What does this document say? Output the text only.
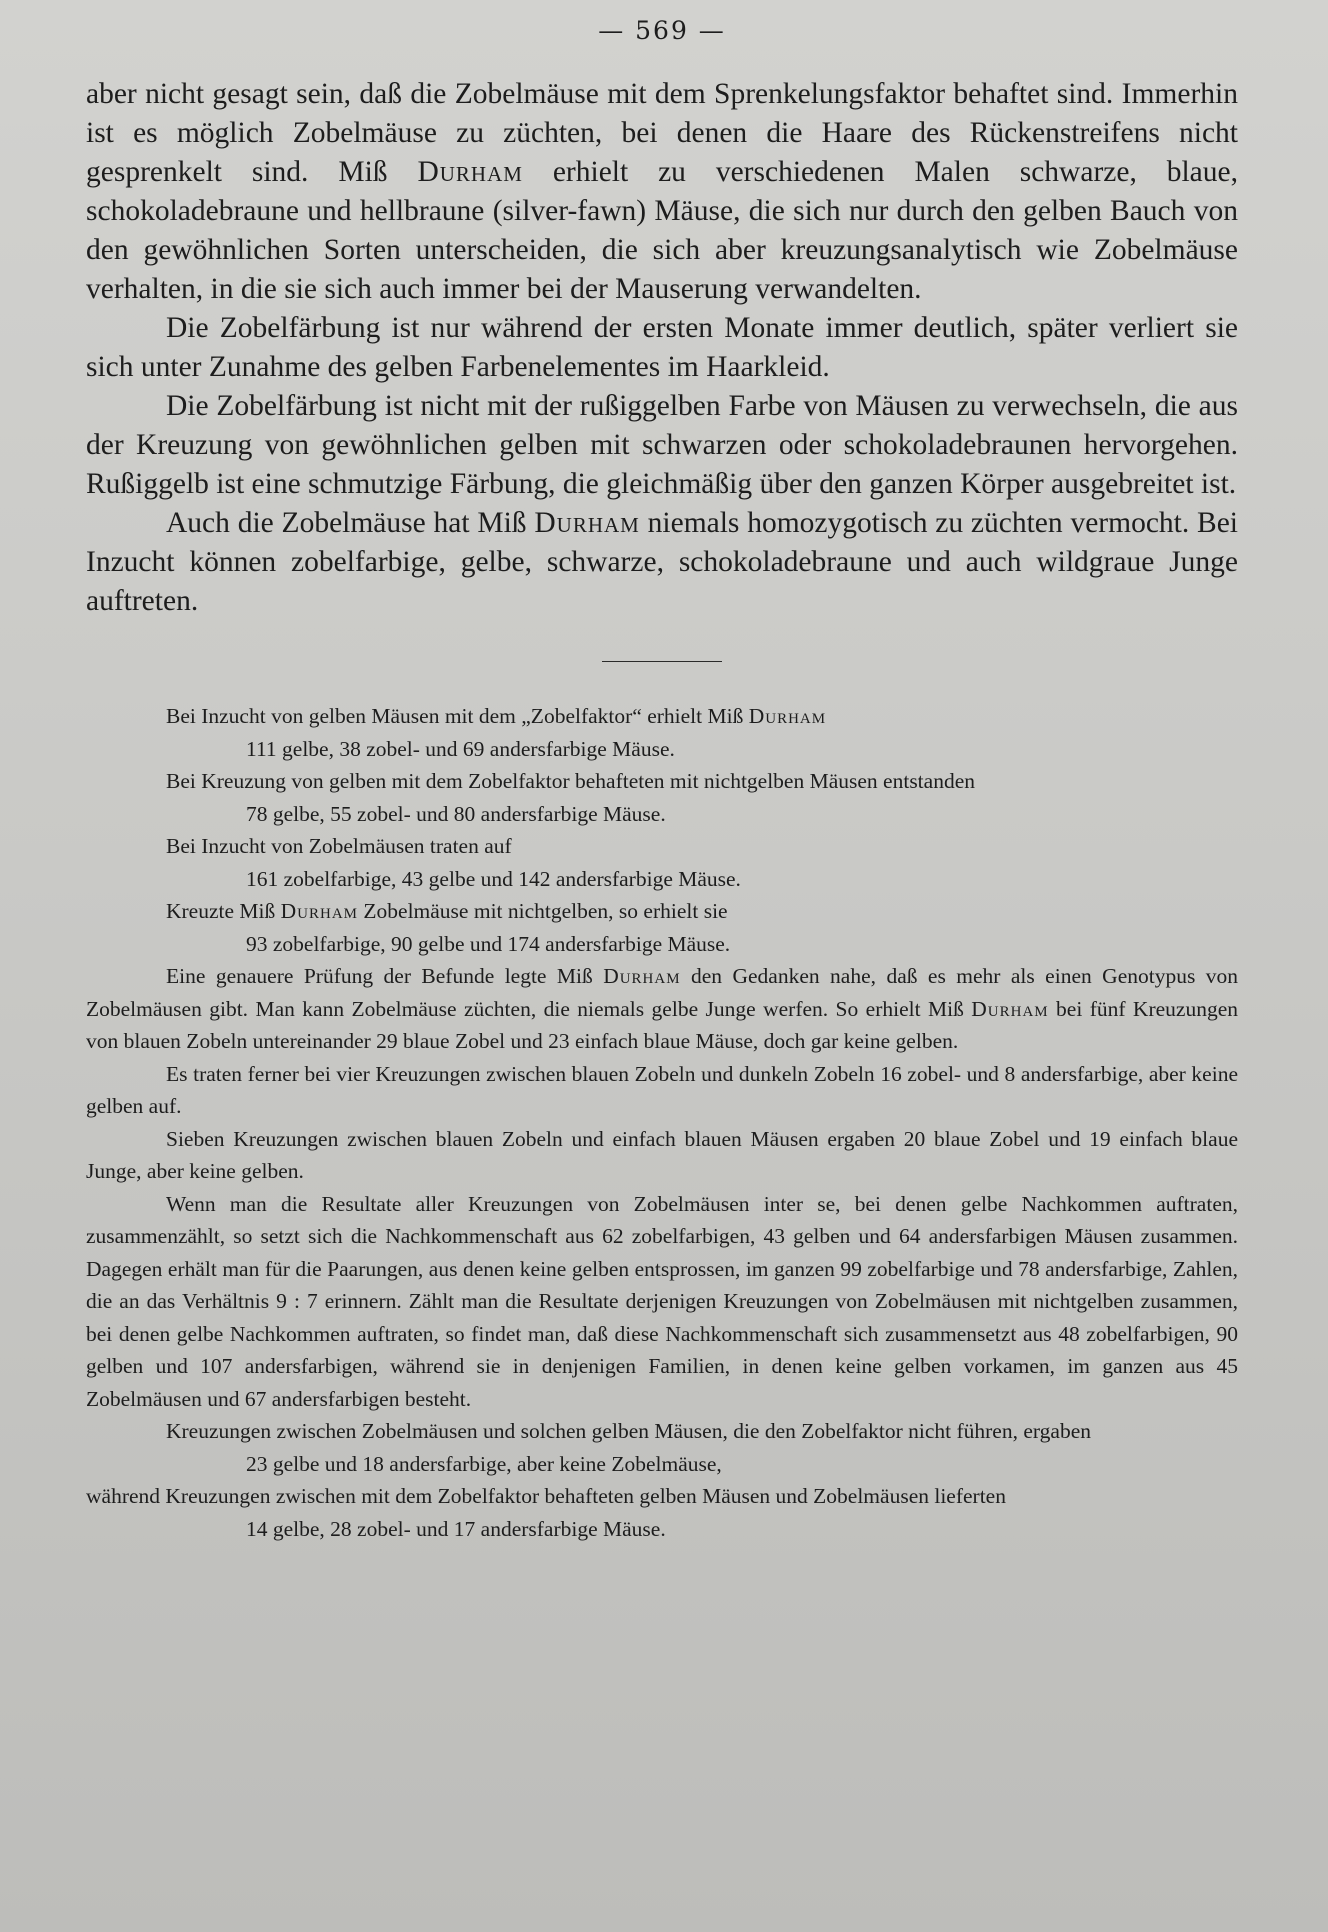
— 569 —

aber nicht gesagt sein, daß die Zobelmäuse mit dem Sprenkelungsfaktor behaftet sind. Immerhin ist es möglich Zobelmäuse zu züchten, bei denen die Haare des Rückenstreifens nicht gesprenkelt sind. Miß Durham erhielt zu verschiedenen Malen schwarze, blaue, schokoladebraune und hellbraune (silver-fawn) Mäuse, die sich nur durch den gelben Bauch von den gewöhnlichen Sorten unterscheiden, die sich aber kreuzungsanalytisch wie Zobelmäuse verhalten, in die sie sich auch immer bei der Mauserung verwandelten.

Die Zobelfärbung ist nur während der ersten Monate immer deutlich, später verliert sie sich unter Zunahme des gelben Farbenelementes im Haarkleid.

Die Zobelfärbung ist nicht mit der rußiggelben Farbe von Mäusen zu verwechseln, die aus der Kreuzung von gewöhnlichen gelben mit schwarzen oder schokoladebraunen hervorgehen. Rußiggelb ist eine schmutzige Färbung, die gleichmäßig über den ganzen Körper ausgebreitet ist.

Auch die Zobelmäuse hat Miß Durham niemals homozygotisch zu züchten vermocht. Bei Inzucht können zobelfarbige, gelbe, schwarze, schokoladebraune und auch wildgraue Junge auftreten.

Bei Inzucht von gelben Mäusen mit dem „Zobelfaktor“ erhielt Miß Durham

111 gelbe, 38 zobel- und 69 andersfarbige Mäuse.

Bei Kreuzung von gelben mit dem Zobelfaktor behafteten mit nichtgelben Mäusen entstanden

78 gelbe, 55 zobel- und 80 andersfarbige Mäuse.

Bei Inzucht von Zobelmäusen traten auf

161 zobelfarbige, 43 gelbe und 142 andersfarbige Mäuse.

Kreuzte Miß Durham Zobelmäuse mit nichtgelben, so erhielt sie

93 zobelfarbige, 90 gelbe und 174 andersfarbige Mäuse.

Eine genauere Prüfung der Befunde legte Miß Durham den Gedanken nahe, daß es mehr als einen Genotypus von Zobelmäusen gibt. Man kann Zobelmäuse züchten, die niemals gelbe Junge werfen. So erhielt Miß Durham bei fünf Kreuzungen von blauen Zobeln untereinander 29 blaue Zobel und 23 einfach blaue Mäuse, doch gar keine gelben.

Es traten ferner bei vier Kreuzungen zwischen blauen Zobeln und dunkeln Zobeln 16 zobel- und 8 andersfarbige, aber keine gelben auf.

Sieben Kreuzungen zwischen blauen Zobeln und einfach blauen Mäusen ergaben 20 blaue Zobel und 19 einfach blaue Junge, aber keine gelben.

Wenn man die Resultate aller Kreuzungen von Zobelmäusen inter se, bei denen gelbe Nachkommen auftraten, zusammenzählt, so setzt sich die Nachkommenschaft aus 62 zobelfarbigen, 43 gelben und 64 andersfarbigen Mäusen zusammen. Dagegen erhält man für die Paarungen, aus denen keine gelben entsprossen, im ganzen 99 zobelfarbige und 78 andersfarbige, Zahlen, die an das Verhältnis 9 : 7 erinnern. Zählt man die Resultate derjenigen Kreuzungen von Zobelmäusen mit nichtgelben zusammen, bei denen gelbe Nachkommen auftraten, so findet man, daß diese Nachkommenschaft sich zusammensetzt aus 48 zobelfarbigen, 90 gelben und 107 andersfarbigen, während sie in denjenigen Familien, in denen keine gelben vorkamen, im ganzen aus 45 Zobelmäusen und 67 andersfarbigen besteht.

Kreuzungen zwischen Zobelmäusen und solchen gelben Mäusen, die den Zobelfaktor nicht führen, ergaben

23 gelbe und 18 andersfarbige, aber keine Zobelmäuse,

während Kreuzungen zwischen mit dem Zobelfaktor behafteten gelben Mäusen und Zobelmäusen lieferten

14 gelbe, 28 zobel- und 17 andersfarbige Mäuse.
